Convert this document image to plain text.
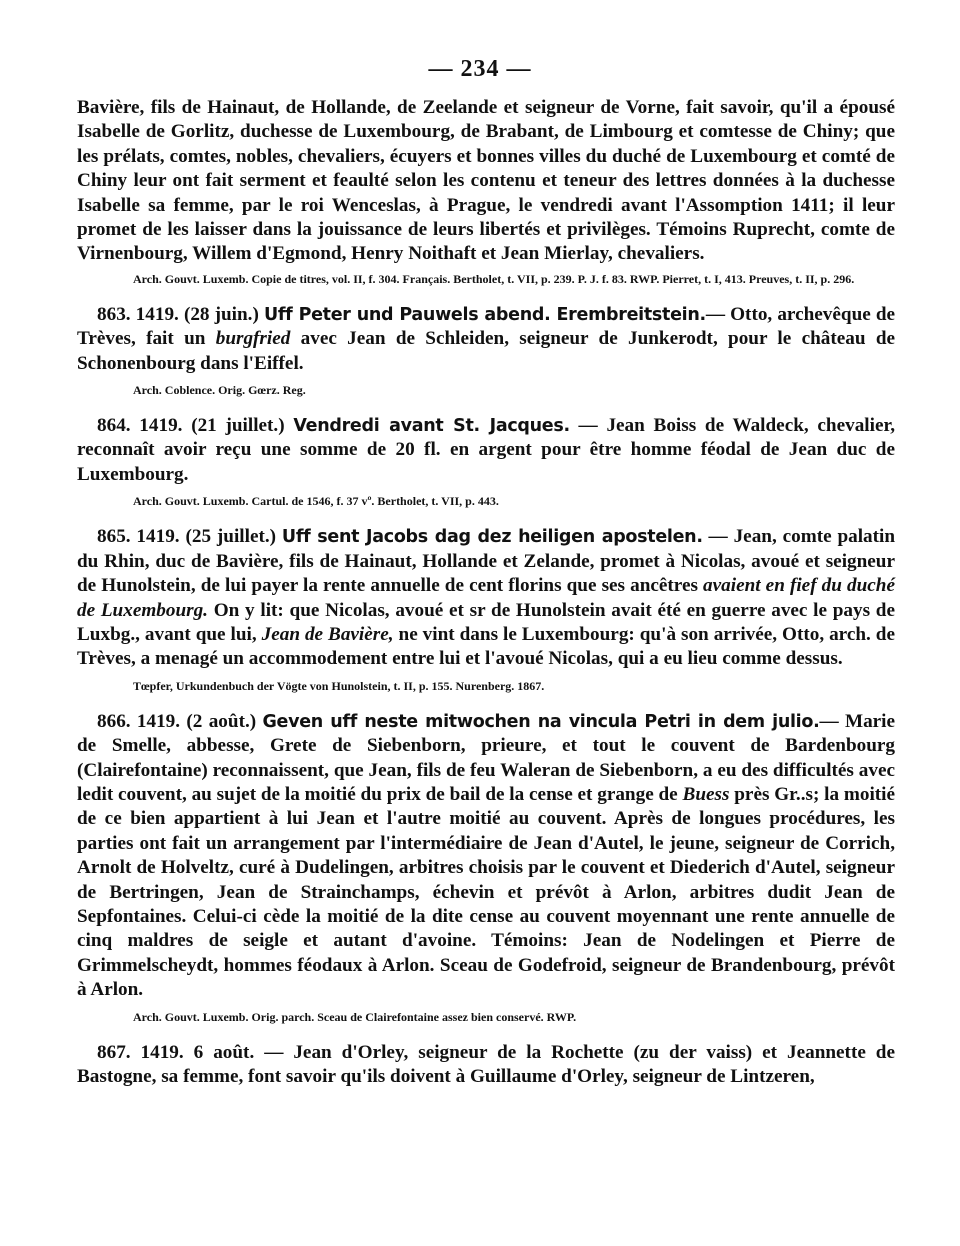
— 234 —

Bavière, fils de Hainaut, de Hollande, de Zeelande et seigneur de Vorne, fait savoir, qu'il a épousé Isabelle de Gorlitz, duchesse de Luxembourg, de Brabant, de Limbourg et comtesse de Chiny; que les prélats, comtes, nobles, chevaliers, écuyers et bonnes villes du duché de Luxembourg et comté de Chiny leur ont fait serment et feaulté selon les contenu et teneur des lettres données à la duchesse Isabelle sa femme, par le roi Wenceslas, à Prague, le vendredi avant l'Assomption 1411; il leur promet de les laisser dans la jouissance de leurs libertés et privilèges. Témoins Ruprecht, comte de Virnenbourg, Willem d'Egmond, Henry Noithaft et Jean Mierlay, chevaliers.

Arch. Gouvt. Luxemb. Copie de titres, vol. II, f. 304. Français. Bertholet, t. VII, p. 239. P. J. f. 83. RWP. Pierret, t. I, 413. Preuves, t. II, p. 296.

863. 1419. (28 juin.) Uff Peter und Pauwels abend. Erembreitstein.— Otto, archevêque de Trèves, fait un burgfried avec Jean de Schleiden, seigneur de Junkerodt, pour le château de Schonenbourg dans l'Eiffel.

Arch. Coblence. Orig. Gœrz. Reg.

864. 1419. (21 juillet.) Vendredi avant St. Jacques. — Jean Boiss de Waldeck, chevalier, reconnaît avoir reçu une somme de 20 fl. en argent pour être homme féodal de Jean duc de Luxembourg.

Arch. Gouvt. Luxemb. Cartul. de 1546, f. 37 vº. Bertholet, t. VII, p. 443.

865. 1419. (25 juillet.) Uff sent Jacobs dag dez heiligen apostelen. — Jean, comte palatin du Rhin, duc de Bavière, fils de Hainaut, Hollande et Zelande, promet à Nicolas, avoué et seigneur de Hunolstein, de lui payer la rente annuelle de cent florins que ses ancêtres avaient en fief du duché de Luxembourg. On y lit: que Nicolas, avoué et sr de Hunolstein avait été en guerre avec le pays de Luxbg., avant que lui, Jean de Bavière, ne vint dans le Luxembourg: qu'à son arrivée, Otto, arch. de Trèves, a menagé un accommodement entre lui et l'avoué Nicolas, qui a eu lieu comme dessus.

Tœpfer, Urkundenbuch der Vögte von Hunolstein, t. II, p. 155. Nurenberg. 1867.

866. 1419. (2 août.) Geven uff neste mitwochen na vincula Petri in dem julio.— Marie de Smelle, abbesse, Grete de Siebenborn, prieure, et tout le couvent de Bardenbourg (Clairefontaine) reconnaissent, que Jean, fils de feu Waleran de Siebenborn, a eu des difficultés avec ledit couvent, au sujet de la moitié du prix de bail de la cense et grange de Buess près Gr..s; la moitié de ce bien appartient à lui Jean et l'autre moitié au couvent. Après de longues procédures, les parties ont fait un arrangement par l'intermédiaire de Jean d'Autel, le jeune, seigneur de Corrich, Arnolt de Holveltz, curé à Dudelingen, arbitres choisis par le couvent et Diederich d'Autel, seigneur de Bertringen, Jean de Strainchamps, échevin et prévôt à Arlon, arbitres dudit Jean de Sepfontaines. Celui-ci cède la moitié de la dite cense au couvent moyennant une rente annuelle de cinq maldres de seigle et autant d'avoine. Témoins: Jean de Nodelingen et Pierre de Grimmelscheydt, hommes féodaux à Arlon. Sceau de Godefroid, seigneur de Brandenbourg, prévôt à Arlon.

Arch. Gouvt. Luxemb. Orig. parch. Sceau de Clairefontaine assez bien conservé. RWP.

867. 1419. 6 août. — Jean d'Orley, seigneur de la Rochette (zu der vaiss) et Jeannette de Bastogne, sa femme, font savoir qu'ils doivent à Guillaume d'Orley, seigneur de Lintzeren,
